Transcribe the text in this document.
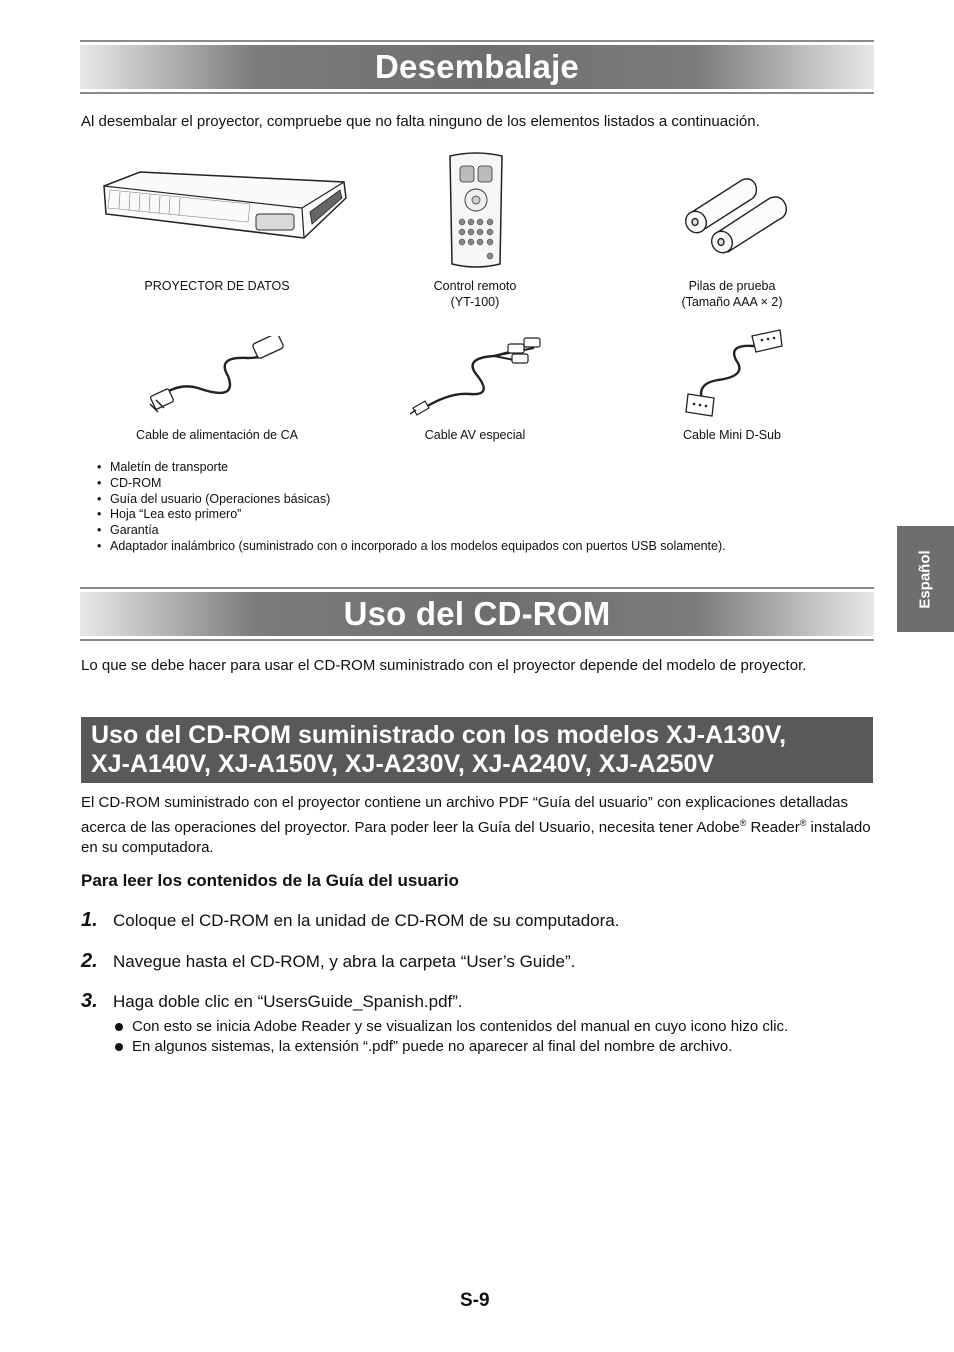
Desembalaje
Al desembalar el proyector, compruebe que no falta ninguno de los elementos listados a continuación.
PROYECTOR DE DATOS	Control remoto
(YT-100)
Pilas de prueba
(Tamaño AAA × 2)
Cable de alimentación de CA	Cable AV especial	Cable Mini D-Sub
• Maletín de transporte
• CD-ROM
• Guía del usuario (Operaciones básicas)
• Hoja “Lea esto primero”
• Garantía
• Adaptador inalámbrico (suministrado con o incorporado a los modelos equipados con puertos USB solamente).
Uso del CD-ROM
Lo que se debe hacer para usar el CD-ROM suministrado con el proyector depende del modelo de proyector.
Uso del CD-ROM suministrado con los modelos XJ-A130V,
XJ-A140V, XJ-A150V, XJ-A230V, XJ-A240V, XJ-A250V
El CD-ROM suministrado con el proyector contiene un archivo PDF “Guía del usuario” con explicaciones detalladas acerca de las operaciones del proyector. Para poder leer la Guía del Usuario, necesita tener Adobe® Reader® instalado en su computadora.
Para leer los contenidos de la Guía del usuario
1. Coloque el CD-ROM en la unidad de CD-ROM de su computadora.
2. Navegue hasta el CD-ROM, y abra la carpeta “User’s Guide”.
3. Haga doble clic en “UsersGuide_Spanish.pdf”.
Con esto se inicia Adobe Reader y se visualizan los contenidos del manual en cuyo icono hizo clic.
En algunos sistemas, la extensión “.pdf” puede no aparecer al final del nombre de archivo.
Español
S-9
